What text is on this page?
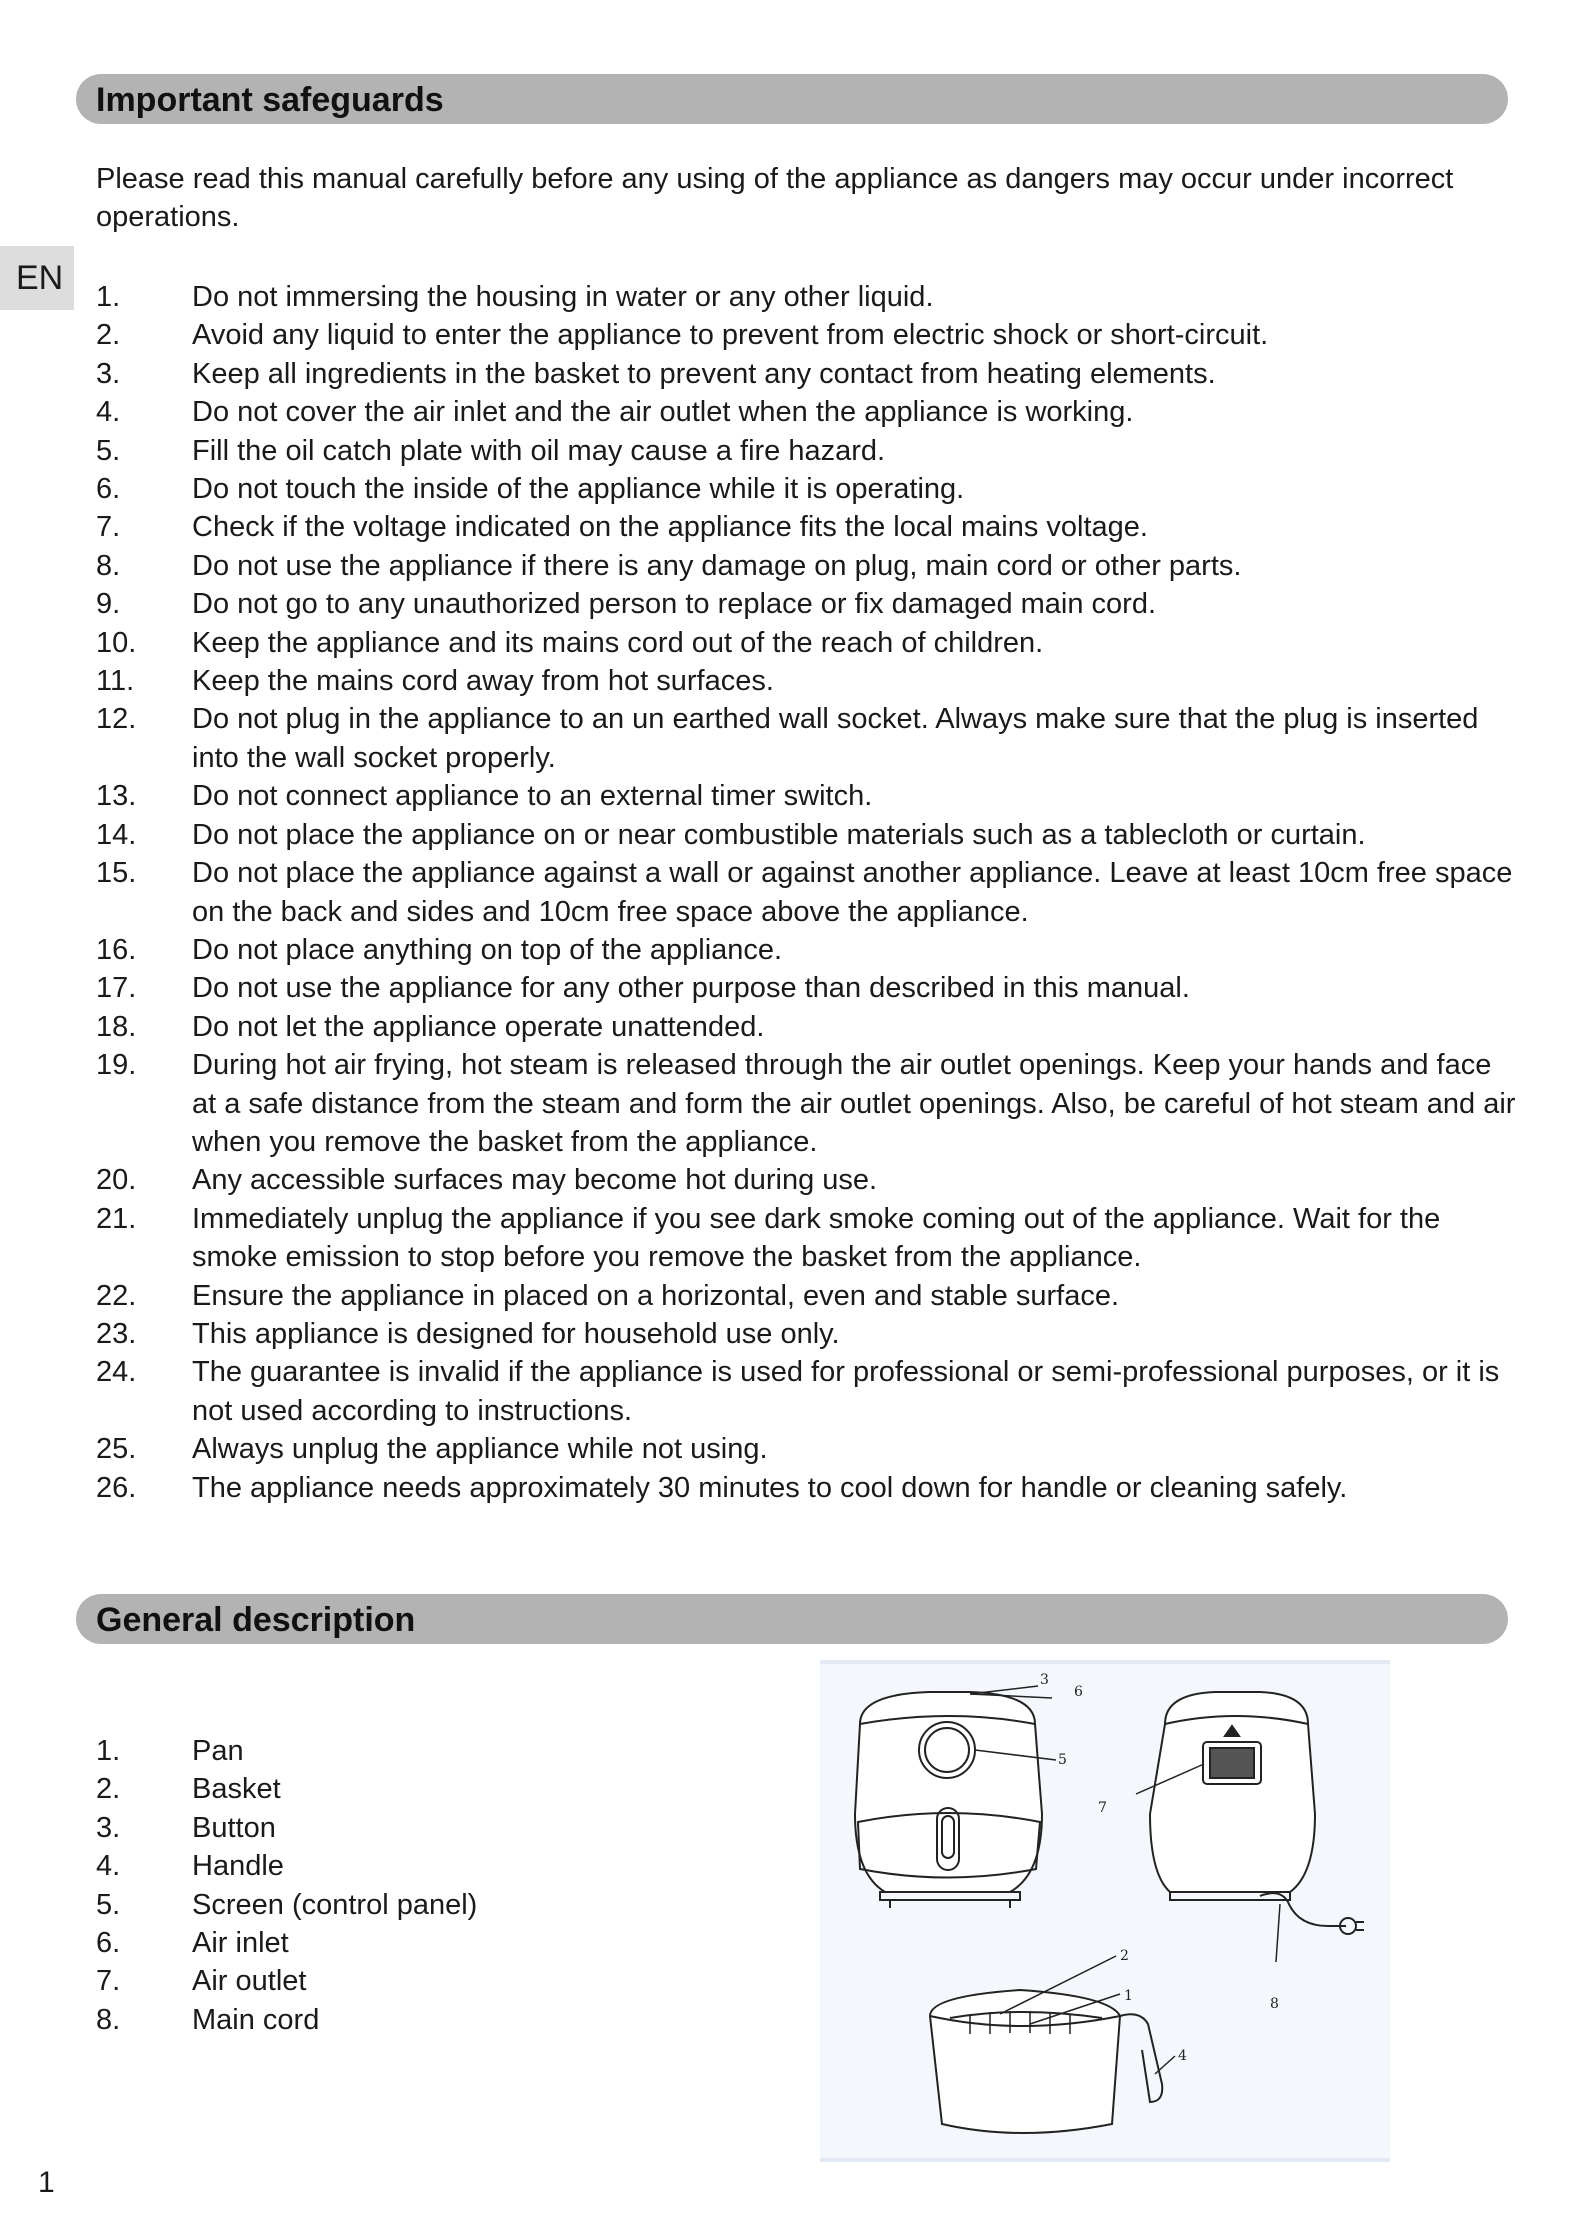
Important safeguards
EN
Please read this manual carefully before any using of the appliance as dangers may occur under incorrect operations.
1.	Do not immersing the housing in water or any other liquid.
2.	Avoid any liquid to enter the appliance to prevent from electric shock or short-circuit.
3.	Keep all ingredients in the basket to prevent any contact from heating elements.
4.	Do not cover the air inlet and the air outlet when the appliance is working.
5.	Fill the oil catch plate with oil may cause a fire hazard.
6.	Do not touch the inside of the appliance while it is operating.
7.	Check if the voltage indicated on the appliance fits the local mains voltage.
8.	Do not use the appliance if there is any damage on plug, main cord or other parts.
9.	Do not go to any unauthorized person to replace or fix damaged main cord.
10.	Keep the appliance and its mains cord out of the reach of children.
11.	Keep the mains cord away from hot surfaces.
12.	Do not plug in the appliance to an un earthed wall socket. Always make sure that the plug is inserted into the wall socket properly.
13.	Do not connect appliance to an external timer switch.
14.	Do not place the appliance on or near combustible materials such as a tablecloth or curtain.
15.	Do not place the appliance against a wall or against another appliance. Leave at least 10cm free space on the back and sides and 10cm free space above the appliance.
16.	Do not place anything on top of the appliance.
17.	Do not use the appliance for any other purpose than described in this manual.
18.	Do not let the appliance operate unattended.
19.	During hot air frying, hot steam is released through the air outlet openings. Keep your hands and face at a safe distance from the steam and form the air outlet openings. Also, be careful of hot steam and air when you remove the basket from the appliance.
20.	Any accessible surfaces may become hot during use.
21.	Immediately unplug the appliance if you see dark smoke coming out of the appliance. Wait for the smoke emission to stop before you remove the basket from the appliance.
22.	Ensure the appliance in placed on a horizontal, even and stable surface.
23.	This appliance is designed for household use only.
24.	The guarantee is invalid if the appliance is used for professional or semi-professional purposes, or it is not used according to instructions.
25.	Always unplug the appliance while not using.
26.	The appliance needs approximately 30 minutes to cool down for handle or cleaning safely.
General description
1.	Pan
2.	Basket
3.	Button
4.	Handle
5.	Screen (control panel)
6.	Air inlet
7.	Air outlet
8.	Main cord
1
2
3
4
5
6
7
8
1
